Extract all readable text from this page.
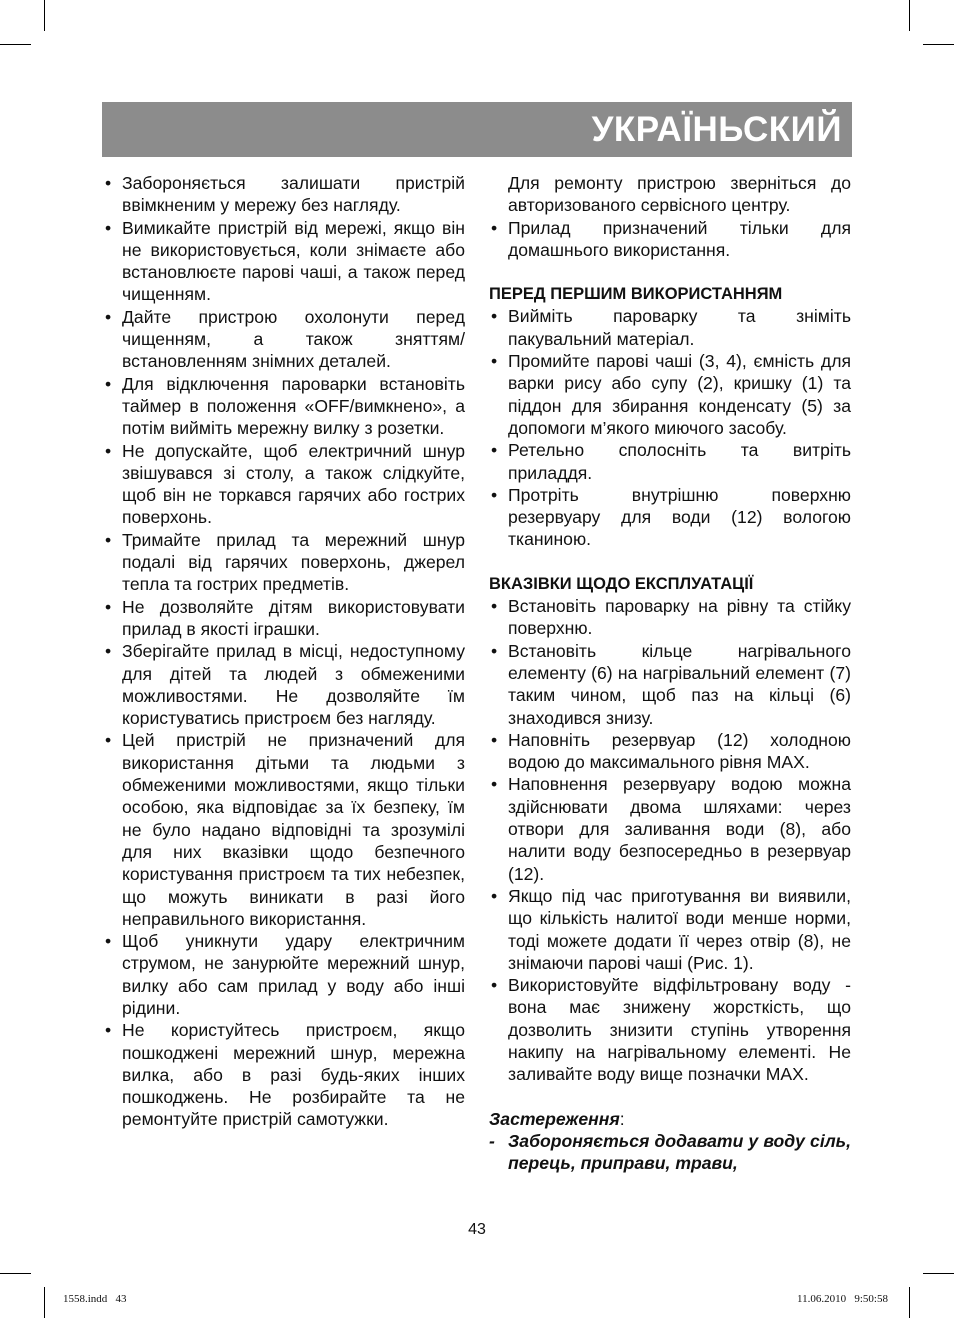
УКРАЇНЬСКИЙ
• Забороняється залишати пристрій ввімкненим у мережу без нагляду.
• Вимикайте пристрій від мережі, якщо він не використовується, коли знімаєте або встановлюєте парові чаші, а також перед чищенням.
• Дайте пристрою охолонути перед чищенням, а також зняттям/ встановленням знімних деталей.
• Для відключення пароварки встановіть таймер в положення «OFF/вимкнено», а потім вийміть мережну вилку з розетки.
• Не допускайте, щоб електричний шнур звішувався зі столу, а також слідкуйте, щоб він не торкався гарячих або гострих поверхонь.
• Тримайте прилад та мережний шнур подалі від гарячих поверхонь, джерел тепла та гострих предметів.
• Не дозволяйте дітям використовувати прилад в якості іграшки.
• Зберігайте прилад в місці, недоступному для дітей та людей з обмеженими можливостями. Не дозволяйте їм користуватись пристроєм без нагляду.
• Цей пристрій не призначений для використання дітьми та людьми з обмеженими можливостями, якщо тільки особою, яка відповідає за їх безпеку, їм не було надано відповідні та зрозумілі для них вказівки щодо безпечного користування пристроєм та тих небезпек, що можуть виникати в разі його неправильного використання.
• Щоб уникнути удару електричним струмом, не занурюйте мережний шнур, вилку або сам прилад у воду або інші рідини.
• Не користуйтесь пристроєм, якщо пошкоджені мережний шнур, мережна вилка, або в разі будь-яких інших пошкоджень. Не розбирайте та не ремонтуйте пристрій самотужки.
Для ремонту пристрою зверніться до авторизованого сервісного центру.
• Прилад призначений тільки для домашнього використання.
ПЕРЕД ПЕРШИМ ВИКОРИСТАННЯМ
• Вийміть пароварку та зніміть пакувальний матеріал.
• Промийте парові чаші (3, 4), ємність для варки рису або супу (2), кришку (1) та піддон для збирання конденсату (5) за допомоги м’якого миючого засобу.
• Ретельно сполосніть та витріть приладдя.
• Протріть внутрішню поверхню резервуару для води (12) вологою тканиною.
ВКАЗІВКИ ЩОДО ЕКСПЛУАТАЦІЇ
• Встановіть пароварку на рівну та стійку поверхню.
• Встановіть кільце нагрівального елементу (6) на нагрівальний елемент (7) таким чином, щоб паз на кільці (6) знаходився знизу.
• Наповніть резервуар (12) холодною водою до максимального рівня MAX.
• Наповнення резервуару водою можна здійснювати двома шляхами: через отвори для заливання води (8), або налити воду безпосередньо в резервуар (12).
• Якщо під час приготування ви виявили, що кількість налитої води менше норми, тоді можете додати її через отвір (8), не знімаючи парові чаші (Рис. 1).
• Використовуйте відфільтровану воду - вона має знижену жорсткість, що дозволить знизити ступінь утворення накипу на нагрівальному елементі. Не заливайте воду вище позначки MAX.
Застереження:
- Забороняється додавати у воду сіль, перець, приправи, трави,
43
1558.indd   43	11.06.2010   9:50:58
